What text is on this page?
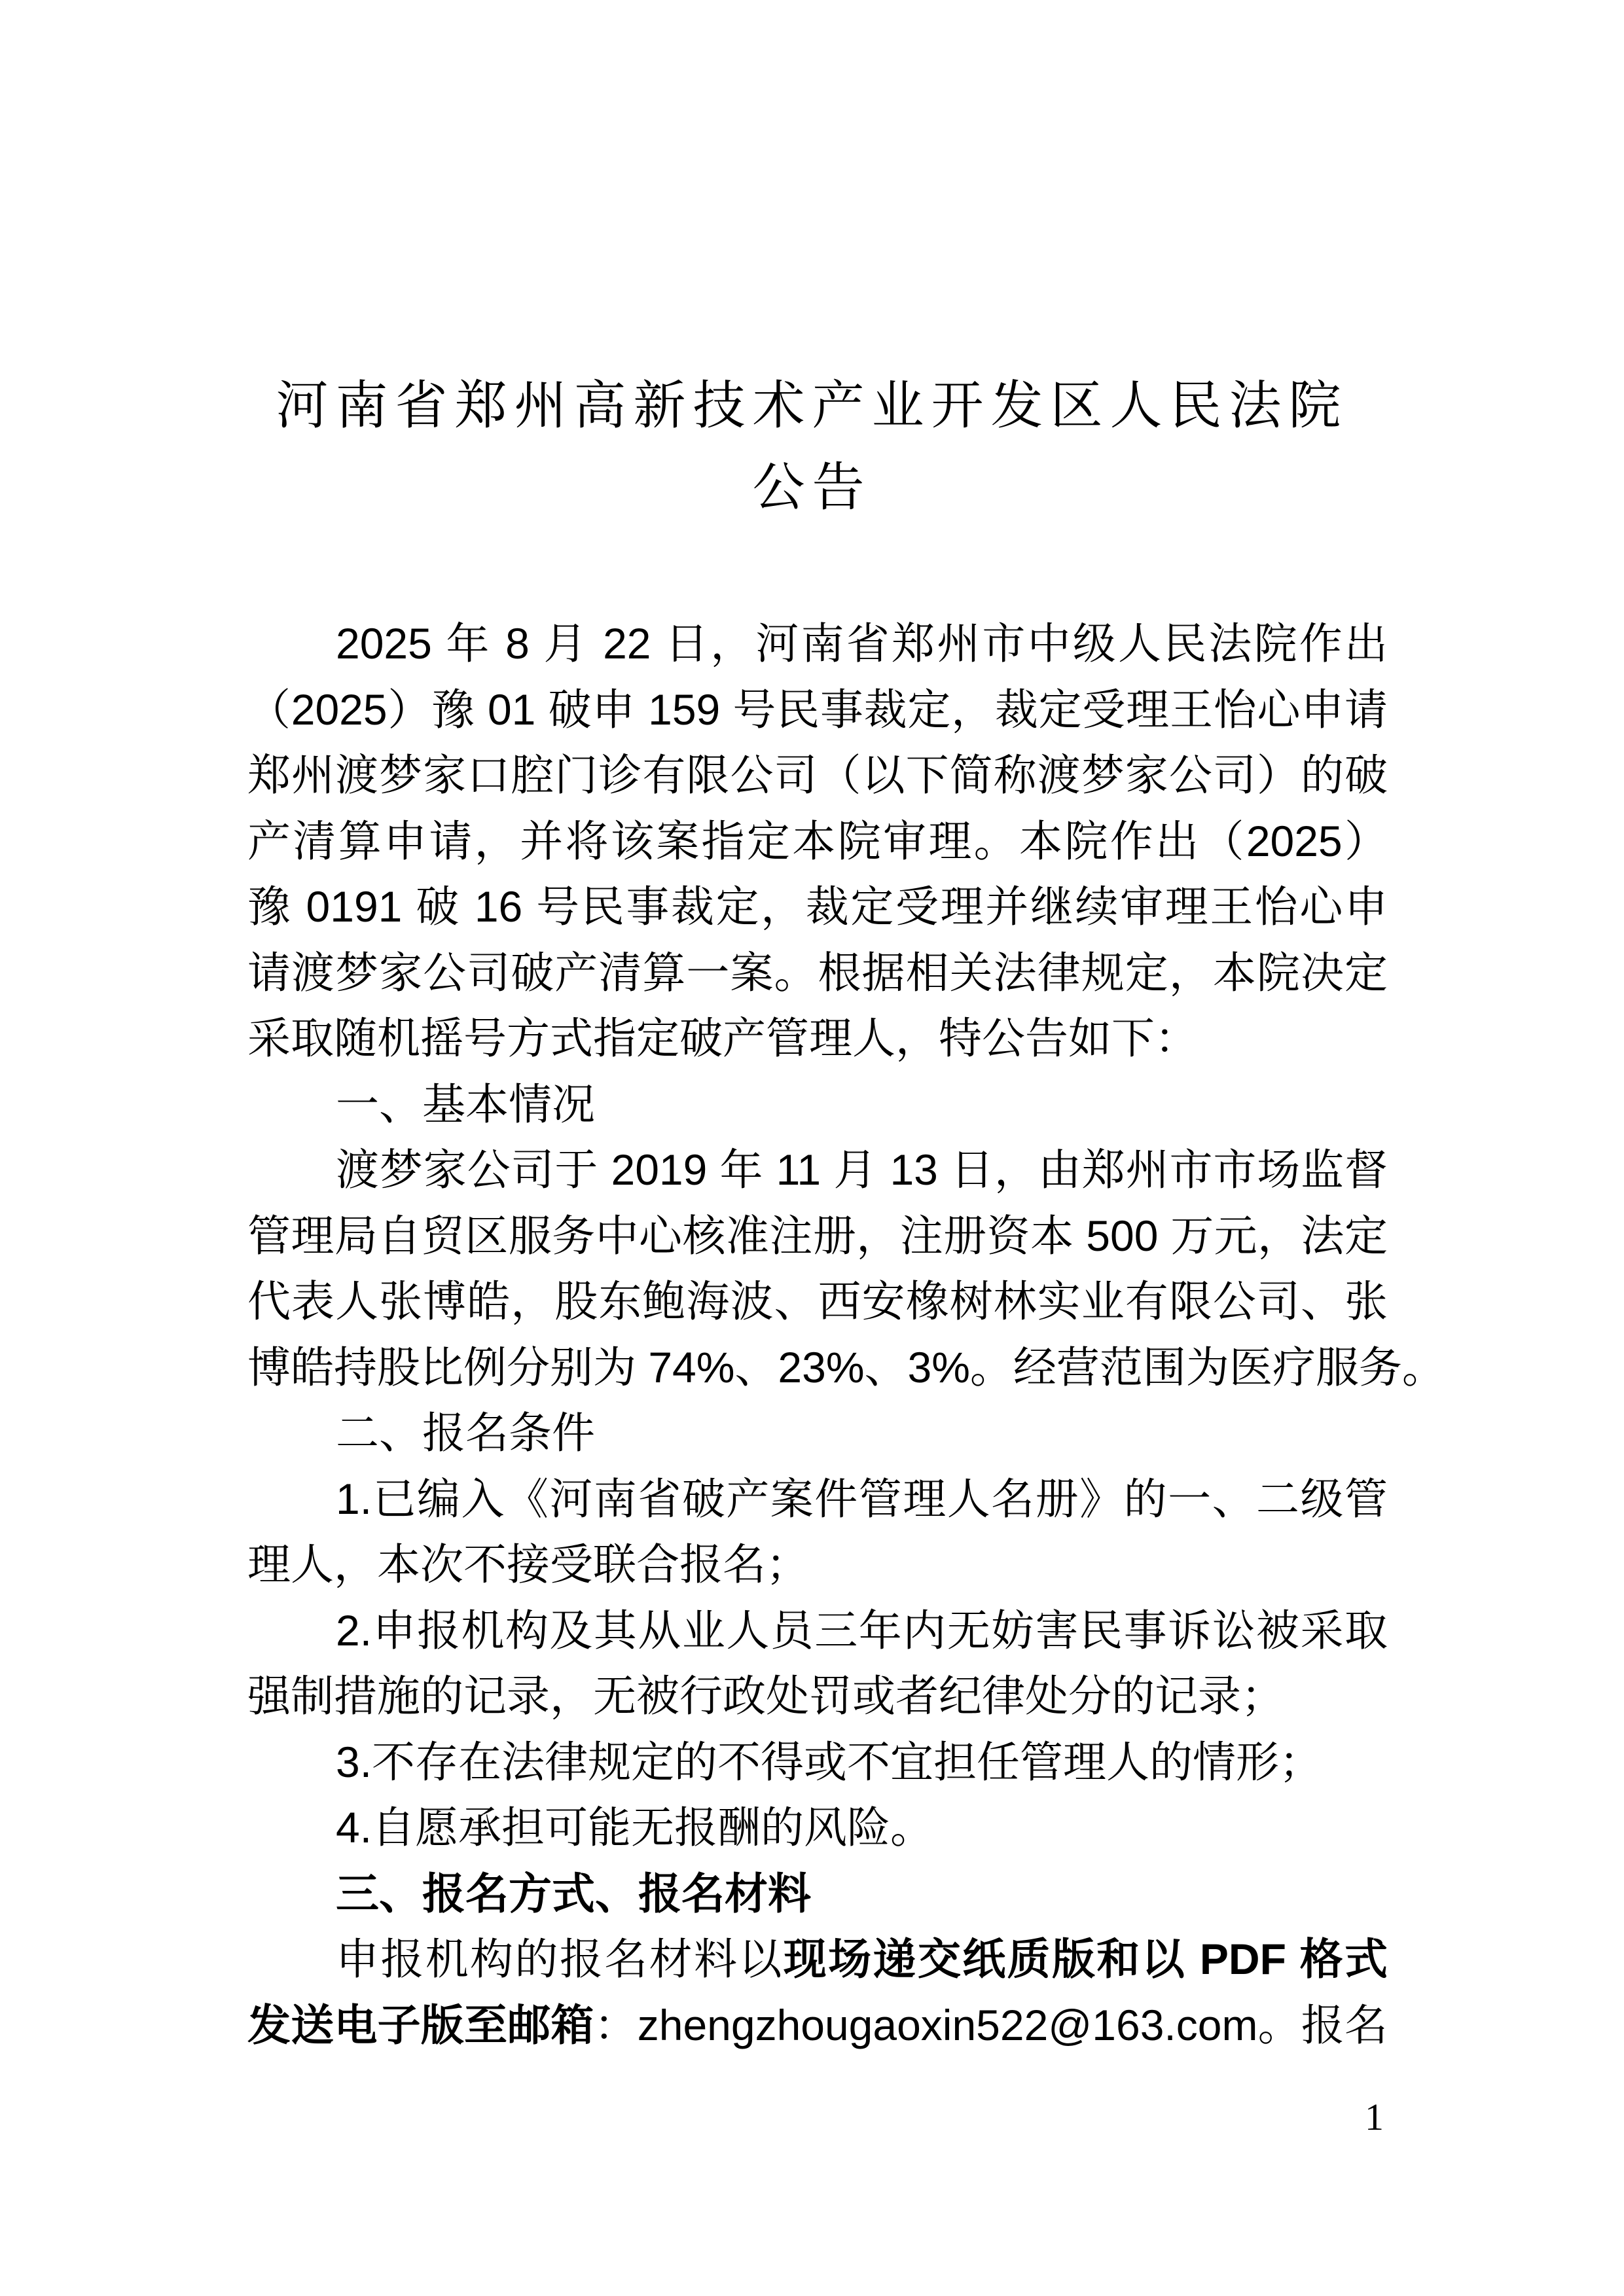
河南省郑州高新技术产业开发区人民法院
公告
2025 年 8 月 22 日，河南省郑州市中级人民法院作出
（2025）豫 01 破申 159 号民事裁定，裁定受理王怡心申请
郑州渡梦家口腔门诊有限公司（以下简称渡梦家公司）的破
产清算申请，并将该案指定本院审理。本院作出（2025）
豫 0191 破 16 号民事裁定，裁定受理并继续审理王怡心申
请渡梦家公司破产清算一案。根据相关法律规定，本院决定
采取随机摇号方式指定破产管理人，特公告如下：
一、基本情况
渡梦家公司于 2019 年 11 月 13 日，由郑州市市场监督
管理局自贸区服务中心核准注册，注册资本 500 万元，法定
代表人张博皓，股东鲍海波、西安橡树林实业有限公司、张
博皓持股比例分别为 74%、23%、3%。经营范围为医疗服务。
二、报名条件
1.已编入《河南省破产案件管理人名册》的一、二级管
理人，本次不接受联合报名；
2.申报机构及其从业人员三年内无妨害民事诉讼被采取
强制措施的记录，无被行政处罚或者纪律处分的记录；
3.不存在法律规定的不得或不宜担任管理人的情形；
4.自愿承担可能无报酬的风险。
三、报名方式、报名材料
申报机构的报名材料以现场递交纸质版和以 PDF 格式
发送电子版至邮箱：zhengzhougaoxin522@163.com。报名
1
